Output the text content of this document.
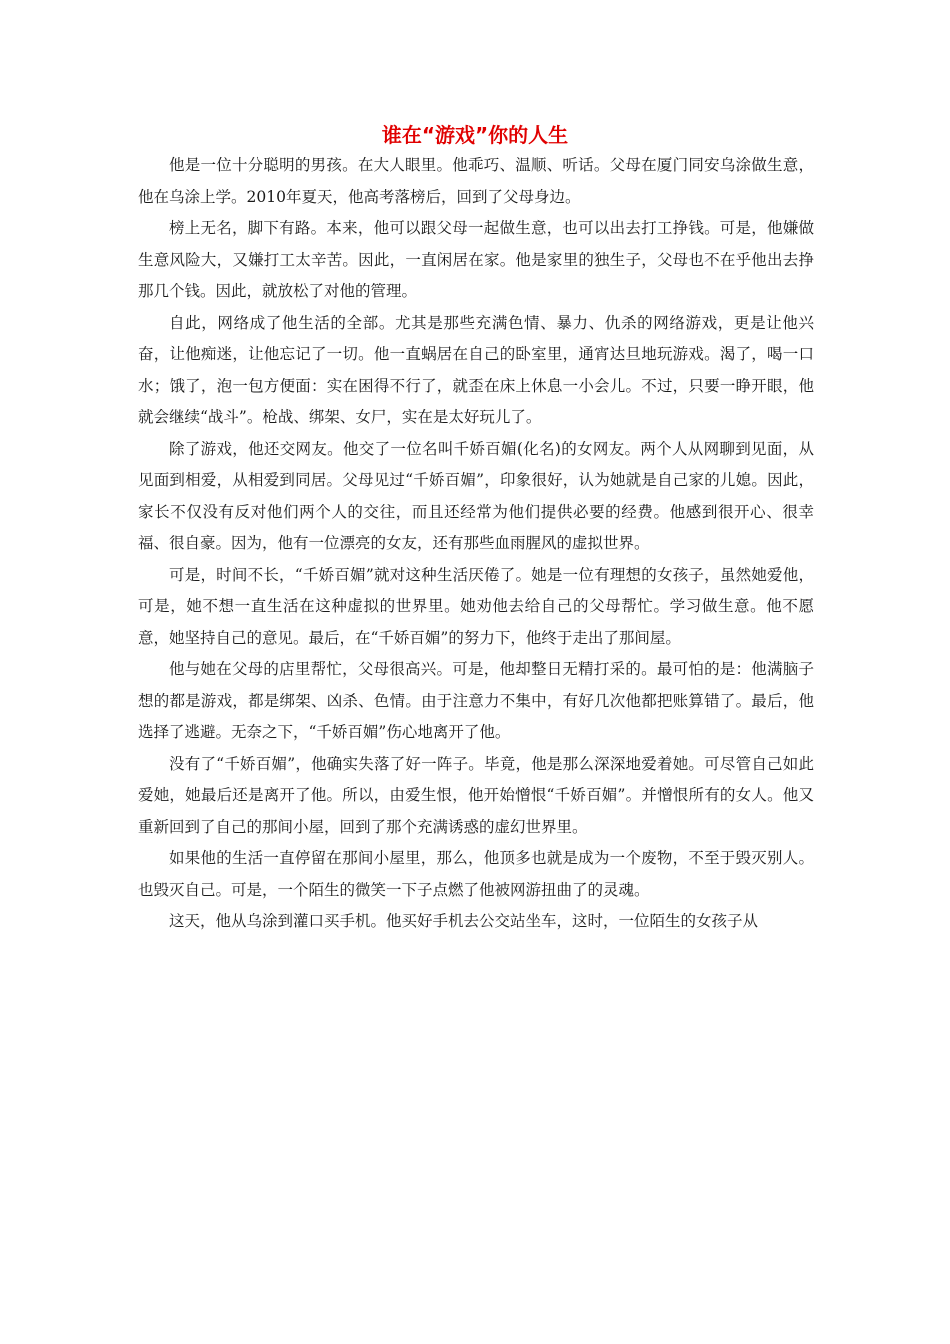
谁在“游戏”你的人生

他是一位十分聪明的男孩。在大人眼里。他乖巧、温顺、听话。父母在厦门同安乌涂做生意，他在乌涂上学。2010年夏天，他高考落榜后，回到了父母身边。

榜上无名，脚下有路。本来，他可以跟父母一起做生意，也可以出去打工挣钱。可是，他嫌做生意风险大，又嫌打工太辛苦。因此，一直闲居在家。他是家里的独生子，父母也不在乎他出去挣那几个钱。因此，就放松了对他的管理。

自此，网络成了他生活的全部。尤其是那些充满色情、暴力、仇杀的网络游戏，更是让他兴奋，让他痴迷，让他忘记了一切。他一直蜗居在自己的卧室里，通宵达旦地玩游戏。渴了，喝一口水；饿了，泡一包方便面：实在困得不行了，就歪在床上休息一小会儿。不过，只要一睁开眼，他就会继续“战斗”。枪战、绑架、女尸，实在是太好玩儿了。

除了游戏，他还交网友。他交了一位名叫千娇百媚(化名)的女网友。两个人从网聊到见面，从见面到相爱，从相爱到同居。父母见过“千娇百媚”，印象很好，认为她就是自己家的儿媳。因此，家长不仅没有反对他们两个人的交往，而且还经常为他们提供必要的经费。他感到很开心、很幸福、很自豪。因为，他有一位漂亮的女友，还有那些血雨腥风的虚拟世界。

可是，时间不长，“千娇百媚”就对这种生活厌倦了。她是一位有理想的女孩子，虽然她爱他，可是，她不想一直生活在这种虚拟的世界里。她劝他去给自己的父母帮忙。学习做生意。他不愿意，她坚持自己的意见。最后，在“千娇百媚”的努力下，他终于走出了那间屋。

他与她在父母的店里帮忙，父母很高兴。可是，他却整日无精打采的。最可怕的是：他满脑子想的都是游戏，都是绑架、凶杀、色情。由于注意力不集中，有好几次他都把账算错了。最后，他选择了逃避。无奈之下，“千娇百媚”伤心地离开了他。

没有了“千娇百媚”，他确实失落了好一阵子。毕竟，他是那么深深地爱着她。可尽管自己如此爱她，她最后还是离开了他。所以，由爱生恨，他开始憎恨“千娇百媚”。并憎恨所有的女人。他又重新回到了自己的那间小屋，回到了那个充满诱惑的虚幻世界里。

如果他的生活一直停留在那间小屋里，那么，他顶多也就是成为一个废物，不至于毁灭别人。也毁灭自己。可是，一个陌生的微笑一下子点燃了他被网游扭曲了的灵魂。

这天，他从乌涂到灌口买手机。他买好手机去公交站坐车，这时，一位陌生的女孩子从
